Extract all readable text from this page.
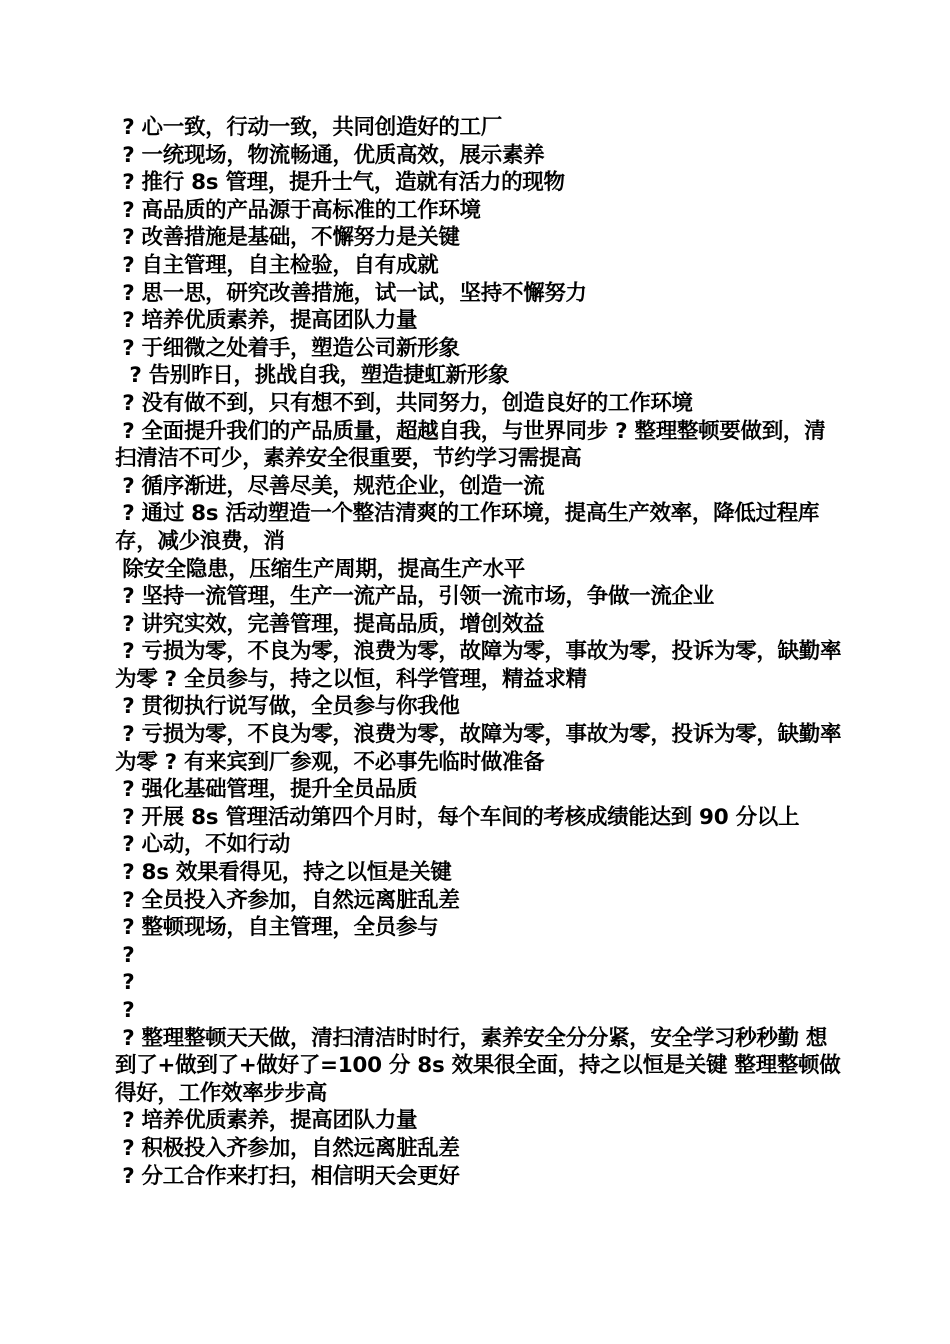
? 心一致，行动一致，共同创造好的工厂
? 一统现场，物流畅通，优质高效，展示素养
? 推行 8s 管理，提升士气，造就有活力的现物
? 高品质的产品源于高标准的工作环境
? 改善措施是基础，不懈努力是关键
? 自主管理，自主检验，自有成就
? 思一思，研究改善措施，试一试，坚持不懈努力
? 培养优质素养，提高团队力量
? 于细微之处着手，塑造公司新形象
? 告别昨日，挑战自我，塑造捷虹新形象
? 没有做不到，只有想不到，共同努力，创造良好的工作环境
? 全面提升我们的产品质量，超越自我，与世界同步 ? 整理整顿要做到，清扫清洁不可少，素养安全很重要，节约学习需提高
? 循序渐进，尽善尽美，规范企业，创造一流
? 通过 8s 活动塑造一个整洁清爽的工作环境，提高生产效率，降低过程库存，减少浪费，消
除安全隐患，压缩生产周期，提高生产水平
? 坚持一流管理，生产一流产品，引领一流市场，争做一流企业
? 讲究实效，完善管理，提高品质，增创效益
? 亏损为零，不良为零，浪费为零，故障为零，事故为零，投诉为零，缺勤率为零 ? 全员参与，持之以恒，科学管理，精益求精
? 贯彻执行说写做，全员参与你我他
? 亏损为零，不良为零，浪费为零，故障为零，事故为零，投诉为零，缺勤率为零 ? 有来宾到厂参观，不必事先临时做准备
? 强化基础管理，提升全员品质
? 开展 8s 管理活动第四个月时，每个车间的考核成绩能达到 90 分以上
? 心动，不如行动
? 8s 效果看得见，持之以恒是关键
? 全员投入齐参加，自然远离脏乱差
? 整顿现场，自主管理，全员参与
?
?
?
? 整理整顿天天做，清扫清洁时时行，素养安全分分紧，安全学习秒秒勤 想到了+做到了+做好了=100 分 8s 效果很全面，持之以恒是关键 整理整顿做得好，工作效率步步高
? 培养优质素养，提高团队力量
? 积极投入齐参加，自然远离脏乱差
? 分工合作来打扫，相信明天会更好
